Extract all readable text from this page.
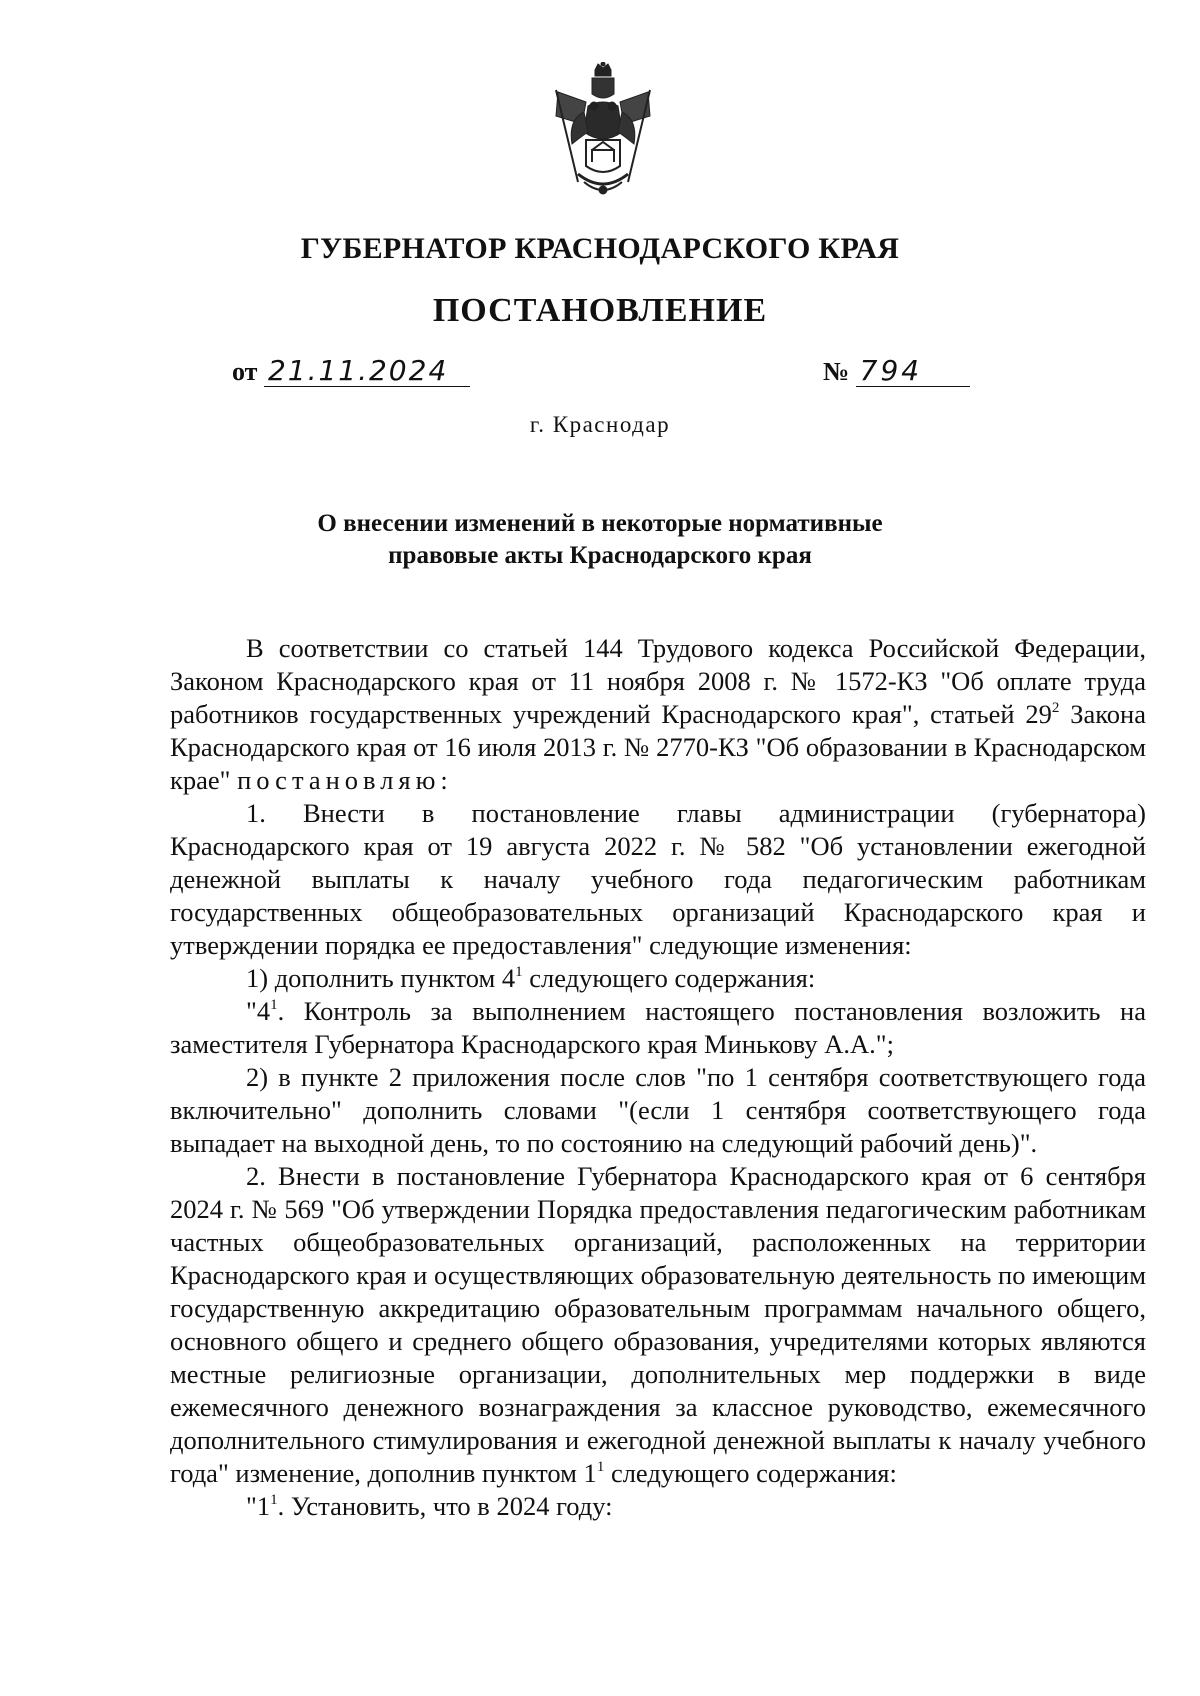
ГУБЕРНАТОР КРАСНОДАРСКОГО КРАЯ
ПОСТАНОВЛЕНИЕ
от 21.11.2024	№ 794
г. Краснодар
О внесении изменений в некоторые нормативные
правовые акты Краснодарского края

В соответствии со статьей 144 Трудового кодекса Российской Федерации, Законом Краснодарского края от 11 ноября 2008 г. № 1572-КЗ "Об оплате труда работников государственных учреждений Краснодарского края", статьей $29^2$ Закона Краснодарского края от 16 июля 2013 г. № 2770-КЗ "Об образовании в Краснодарском крае" постановляю:

1. Внести в постановление главы администрации (губернатора) Краснодарского края от 19 августа 2022 г. № 582 "Об установлении ежегодной денежной выплаты к началу учебного года педагогическим работникам государственных общеобразовательных организаций Краснодарского края и утверждении порядка ее предоставления" следующие изменения:

1) дополнить пунктом $4^1$ следующего содержания:

"$4^1$. Контроль за выполнением настоящего постановления возложить на заместителя Губернатора Краснодарского края Минькову А.А.";

2) в пункте 2 приложения после слов "по 1 сентября соответствующего года включительно" дополнить словами "(если 1 сентября соответствующего года выпадает на выходной день, то по состоянию на следующий рабочий день)".

2. Внести в постановление Губернатора Краснодарского края от 6 сентября 2024 г. № 569 "Об утверждении Порядка предоставления педагогическим работникам частных общеобразовательных организаций, расположенных на территории Краснодарского края и осуществляющих образовательную деятельность по имеющим государственную аккредитацию образовательным программам начального общего, основного общего и среднего общего образования, учредителями которых являются местные религиозные организации, дополнительных мер поддержки в виде ежемесячного денежного вознаграждения за классное руководство, ежемесячного дополнительного стимулирования и ежегодной денежной выплаты к началу учебного года" изменение, дополнив пунктом $1^1$ следующего содержания:

"$1^1$. Установить, что в 2024 году:
